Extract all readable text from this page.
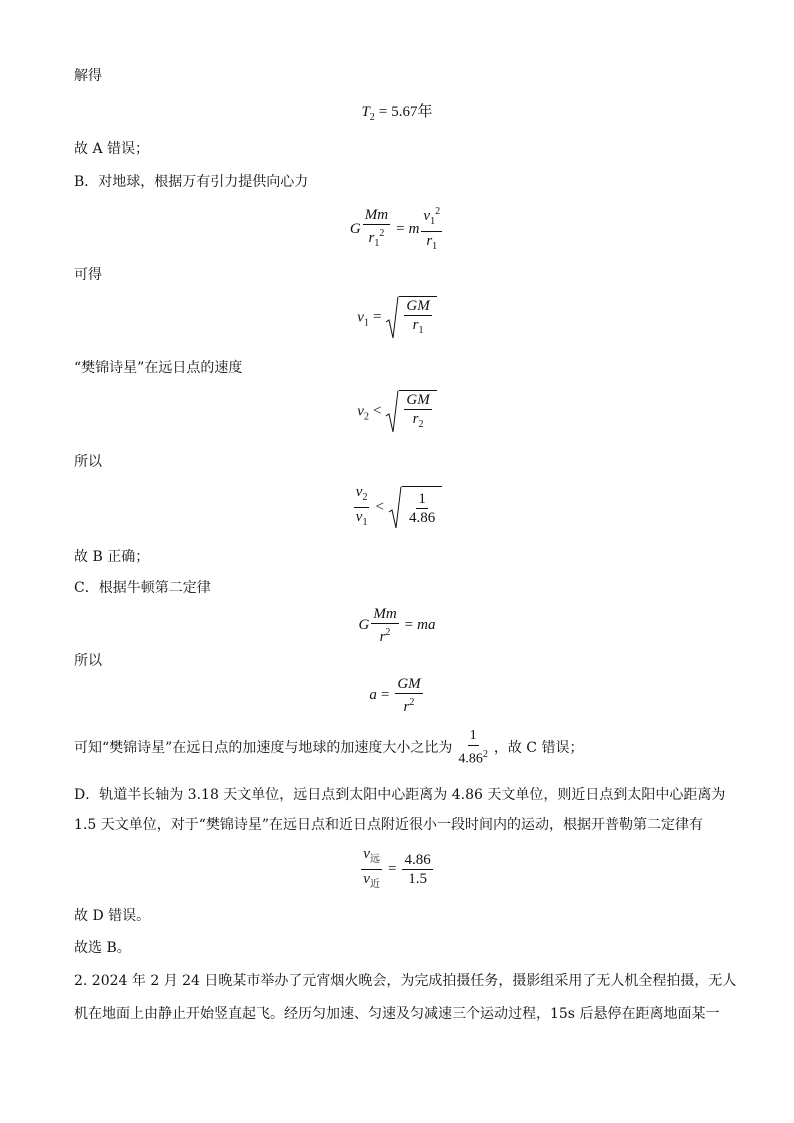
解得
$T_2 = 5.67$年
故 A 错误；
B．对地球，根据万有引力提供向心力
G $\frac{Mm}{r_1^2} = m \frac{v_1^2}{r_1}$
可得
$v_1 = \frac{GM}{r_1}$
“樊锦诗星”在远日点的速度
$v_2 < \frac{GM}{r_2}$
所以
$\frac{v_2}{v_1} < \frac{1}{4.86}$
故 B 正确；
C．根据牛顿第二定律
G $\frac{Mm}{r^2}$ = ma
所以
$a = \frac{GM}{r^2}$
可知“樊锦诗星”在远日点的加速度与地球的加速度大小之比为 $\frac{1}{4.86^2}$ ，故 C 错误；
D．轨道半长轴为 3.18 天文单位，远日点到太阳中心距离为 4.86 天文单位，则近日点到太阳中心距离为
1.5 天文单位，对于“樊锦诗星”在远日点和近日点附近很小一段时间内的运动，根据开普勒第二定律有
$\frac{v_远}{v_近} = \frac{4.86}{1.5}$
故 D 错误。
故选 B。
2. 2024 年 2 月 24 日晚某市举办了元宵烟火晚会，为完成拍摄任务，摄影组采用了无人机全程拍摄，无人
机在地面上由静止开始竖直起飞。经历匀加速、匀速及匀减速三个运动过程，15s 后悬停在距离地面某一
